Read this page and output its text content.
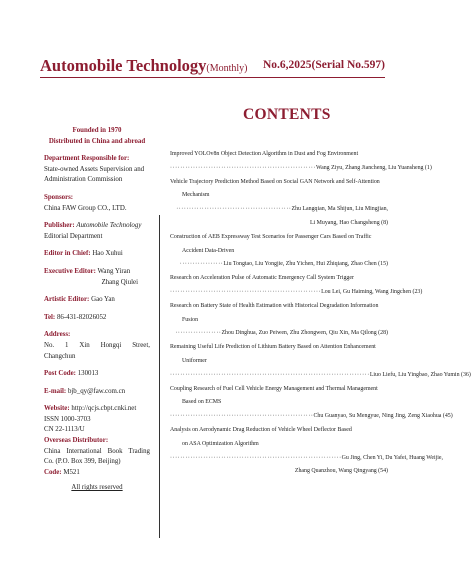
Automobile Technology(Monthly) No.6,2025(Serial No.597)
Founded in 1970
Distributed in China and abroad
Department Responsible for:
State-owned Assets Supervision and
Administration Commission
Sponsors:
China FAW Group CO., LTD.
Publisher: Automobile Technology
Editorial Department
Editor in Chief: Hao Xuhui
Executive Editor: Wang Yiran
Zhang Qiulei
Artistic Editor: Gao Yan
Tel: 86-431-82026052
Address:
No. 1 Xin Hongqi Street,
Changchun
Post Code: 130013
E-mail: bjb_qy@faw.com.cn
Website: http://qcjs.cbpt.cnki.net
ISSN 1000-3703
CN 22-1113/U
Overseas Distributor:
China International Book Trading
Co. (P.O. Box 399, Beijing)
Code: M521
All rights reserved
CONTENTS
Improved YOLOv8n Object Detection Algorithm in Dust and Fog Environment
·························································Wang Ziyu, Zhang Jiancheng, Liu Yuansheng (1)
Vehicle Trajectory Prediction Method Based on Social GAN Network and Self-Attention
Mechanism
·············································Zhu Langqian, Ma Shijun, Liu Mingjian,
Li Muyang, Hao Changsheng (8)
Construction of AEB Expressway Test Scenarios for Passenger Cars Based on Traffic
Accident Data-Driven
·················Liu Tongtao, Liu Yongjie, Zhu Yichen, Hui Zhiqiang, Zhao Chen (15)
Research on Acceleration Pulse of Automatic Emergency Call System Trigger
···························································Lou Lei, Gu Haiming, Wang Jingchen (23)
Research on Battery State of Health Estimation with Historical Degradation Information
Fusion
··················Zhou Dinghua, Zuo Peiwen, Zhu Zhongwen, Qiu Xin, Ma Qilong (28)
Remaining Useful Life Prediction of Lithium Battery Based on Attention Enhancement
Uniformer
··············································································Liuo Liefu, Liu Yingbao, Zhao Yumin (36)
Coupling Research of Fuel Cell Vehicle Energy Management and Thermal Management
Based on ECMS
························································Chu Guanyao, Su Mengyue, Ning Jing, Zeng Xiaohua (45)
Analysis on Aerodynamic Drag Reduction of Vehicle Wheel Deflector Based
on ASA Optimization Algorithm
···································································Gu Jing, Chen Yi, Du Yafei, Huang Weijie,
Zhang Quanzhou, Wang Qingyang (54)
